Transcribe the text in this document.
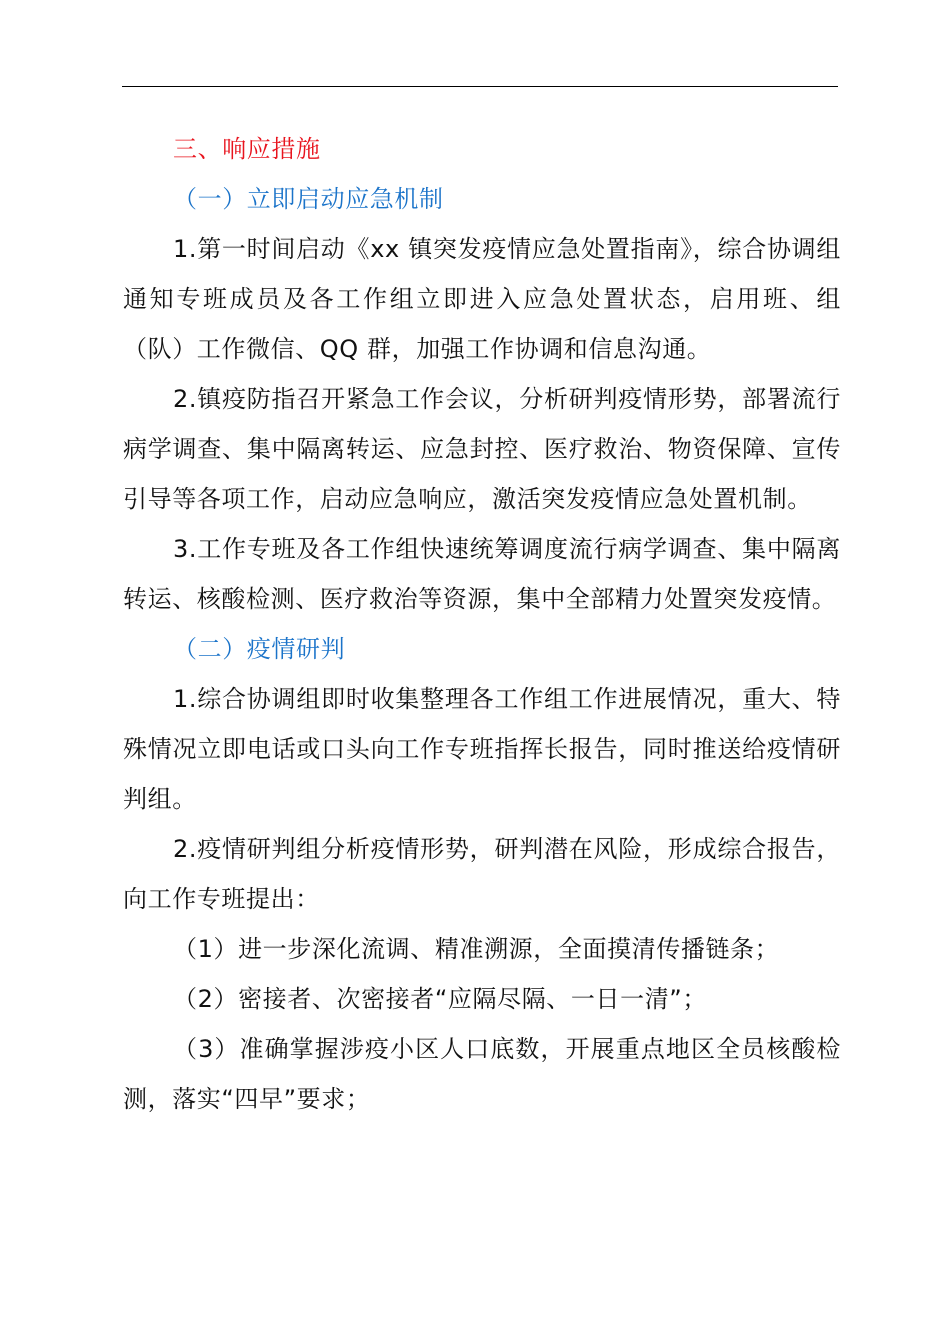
三、响应措施

（一）立即启动应急机制

1.第一时间启动《xx 镇突发疫情应急处置指南》，综合协调组通知专班成员及各工作组立即进入应急处置状态，启用班、组（队）工作微信、QQ 群，加强工作协调和信息沟通。

2.镇疫防指召开紧急工作会议，分析研判疫情形势，部署流行病学调查、集中隔离转运、应急封控、医疗救治、物资保障、宣传引导等各项工作，启动应急响应，激活突发疫情应急处置机制。

3.工作专班及各工作组快速统筹调度流行病学调查、集中隔离转运、核酸检测、医疗救治等资源，集中全部精力处置突发疫情。

（二）疫情研判

1.综合协调组即时收集整理各工作组工作进展情况，重大、特殊情况立即电话或口头向工作专班指挥长报告，同时推送给疫情研判组。

2.疫情研判组分析疫情形势，研判潜在风险，形成综合报告，向工作专班提出：

（1）进一步深化流调、精准溯源，全面摸清传播链条；

（2）密接者、次密接者“应隔尽隔、一日一清”；

（3）准确掌握涉疫小区人口底数，开展重点地区全员核酸检测，落实“四早”要求；
